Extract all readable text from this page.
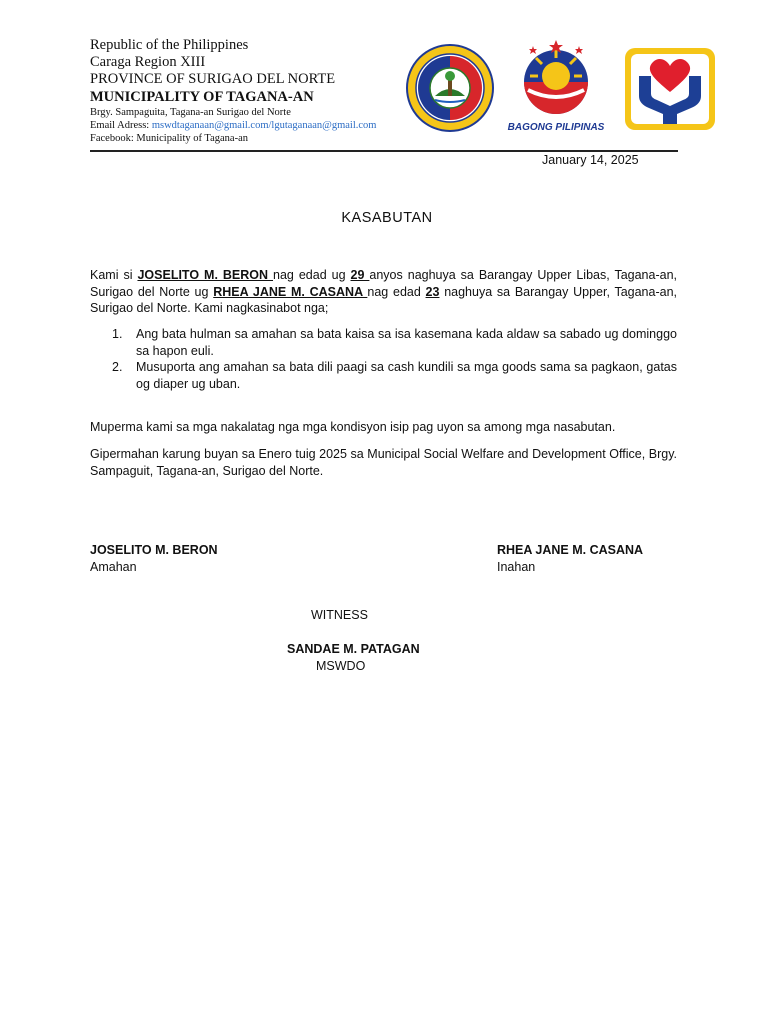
Republic of the Philippines
Caraga Region XIII
PROVINCE OF SURIGAO DEL NORTE
MUNICIPALITY OF TAGANA-AN
Brgy. Sampaguita, Tagana-an Surigao del Norte
Email Adress: mswdtaganaan@gmail.com/lgutaganaan@gmail.com
Facebook: Municipality of Tagana-an
BAGONG PILIPINAS
January 14, 2025
KASABUTAN
Kami si JOSELITO M. BERON nag edad ug 29 anyos naghuya sa Barangay Upper Libas, Tagana-an, Surigao del Norte ug RHEA JANE M. CASANA nag edad 23 naghuya sa Barangay Upper, Tagana-an, Surigao del Norte. Kami nagkasinabot nga;
1. Ang bata hulman sa amahan sa bata kaisa sa isa kasemana kada aldaw sa sabado ug dominggo sa hapon euli.
2. Musuporta ang amahan sa bata dili paagi sa cash kundili sa mga goods sama sa pagkaon, gatas og diaper ug uban.
Muperma kami sa mga nakalatag nga mga kondisyon isip pag uyon sa among mga nasabutan.
Gipermahan karung buyan sa Enero tuig 2025 sa Municipal Social Welfare and Development Office, Brgy. Sampaguit, Tagana-an, Surigao del Norte.
JOSELITO M. BERON
Amahan
RHEA JANE M. CASANA
Inahan
WITNESS
SANDAE M. PATAGAN
MSWDO
